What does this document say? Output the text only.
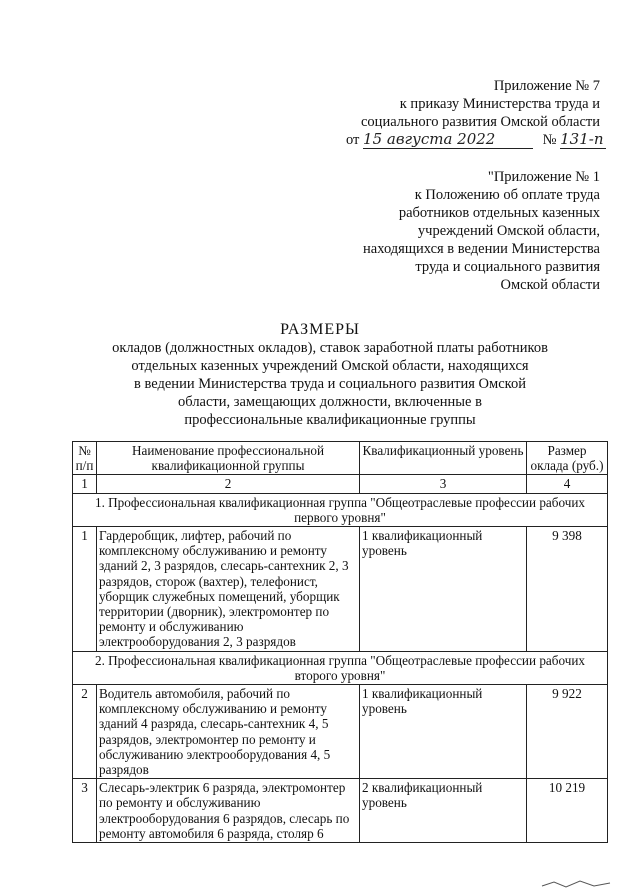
Приложение № 7
к приказу Министерства труда и
социального развития Омской области
от 15 августа 2022	№ 131-п
"Приложение № 1
к Положению об оплате труда
работников отдельных казенных
учреждений Омской области,
находящихся в ведении Министерства
труда и социального развития
Омской области
РАЗМЕРЫ
окладов (должностных окладов), ставок заработной платы работников
отдельных казенных учреждений Омской области, находящихся
в ведении Министерства труда и социального развития Омской
области, замещающих должности, включенные в
профессиональные квалификационные группы
№ п/п	Наименование профессиональной квалификационной группы	Квалификационный уровень	Размер оклада (руб.)
1	2	3	4
1. Профессиональная квалификационная группа "Общеотраслевые профессии рабочих первого уровня"			
1	Гардеробщик, лифтер, рабочий по комплексному обслуживанию и ремонту зданий 2, 3 разрядов, слесарь-сантехник 2, 3 разрядов, сторож (вахтер), телефонист, уборщик служебных помещений, уборщик территории (дворник), электромонтер по ремонту и обслуживанию электрооборудования 2, 3 разрядов	1 квалификационный уровень	9 398
2. Профессиональная квалификационная группа "Общеотраслевые профессии рабочих второго уровня"			
2	Водитель автомобиля, рабочий по комплексному обслуживанию и ремонту зданий 4 разряда, слесарь-сантехник 4, 5 разрядов, электромонтер по ремонту и обслуживанию электрооборудования 4, 5 разрядов	1 квалификационный уровень	9 922
3	Слесарь-электрик 6 разряда, электромонтер по ремонту и обслуживанию электрооборудования 6 разрядов, слесарь по ремонту автомобиля 6 разряда, столяр 6	2 квалификационный уровень	10 219
